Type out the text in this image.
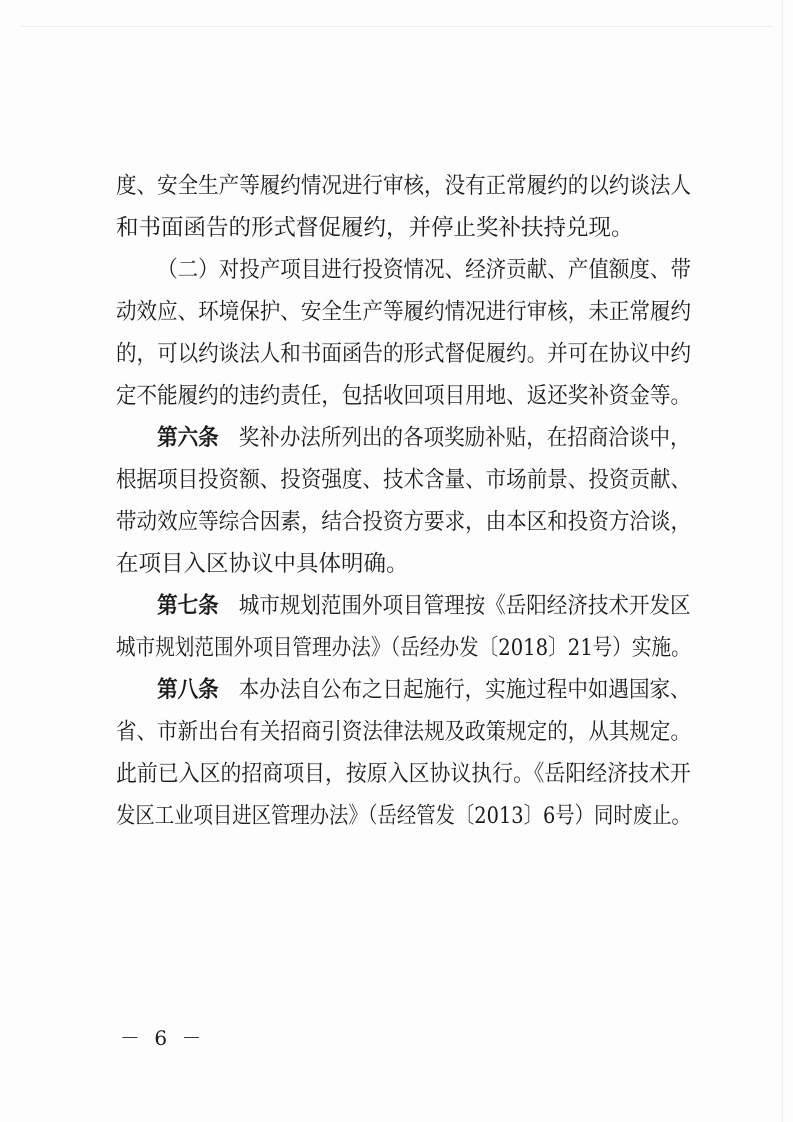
度、安全生产等履约情况进行审核，没有正常履约的以约谈法人
和书面函告的形式督促履约，并停止奖补扶持兑现。

（二）对投产项目进行投资情况、经济贡献、产值额度、带
动效应、环境保护、安全生产等履约情况进行审核，未正常履约
的，可以约谈法人和书面函告的形式督促履约。并可在协议中约
定不能履约的违约责任，包括收回项目用地、返还奖补资金等。

第六条 奖补办法所列出的各项奖励补贴，在招商洽谈中，
根据项目投资额、投资强度、技术含量、市场前景、投资贡献、
带动效应等综合因素，结合投资方要求，由本区和投资方洽谈，
在项目入区协议中具体明确。

第七条 城市规划范围外项目管理按《岳阳经济技术开发区
城市规划范围外项目管理办法》（岳经办发〔2018〕21号）实施。

第八条 本办法自公布之日起施行，实施过程中如遇国家、
省、市新出台有关招商引资法律法规及政策规定的，从其规定。
此前已入区的招商项目，按原入区协议执行。《岳阳经济技术开
发区工业项目进区管理办法》（岳经管发〔2013〕6号）同时废止。

－ 6 －
